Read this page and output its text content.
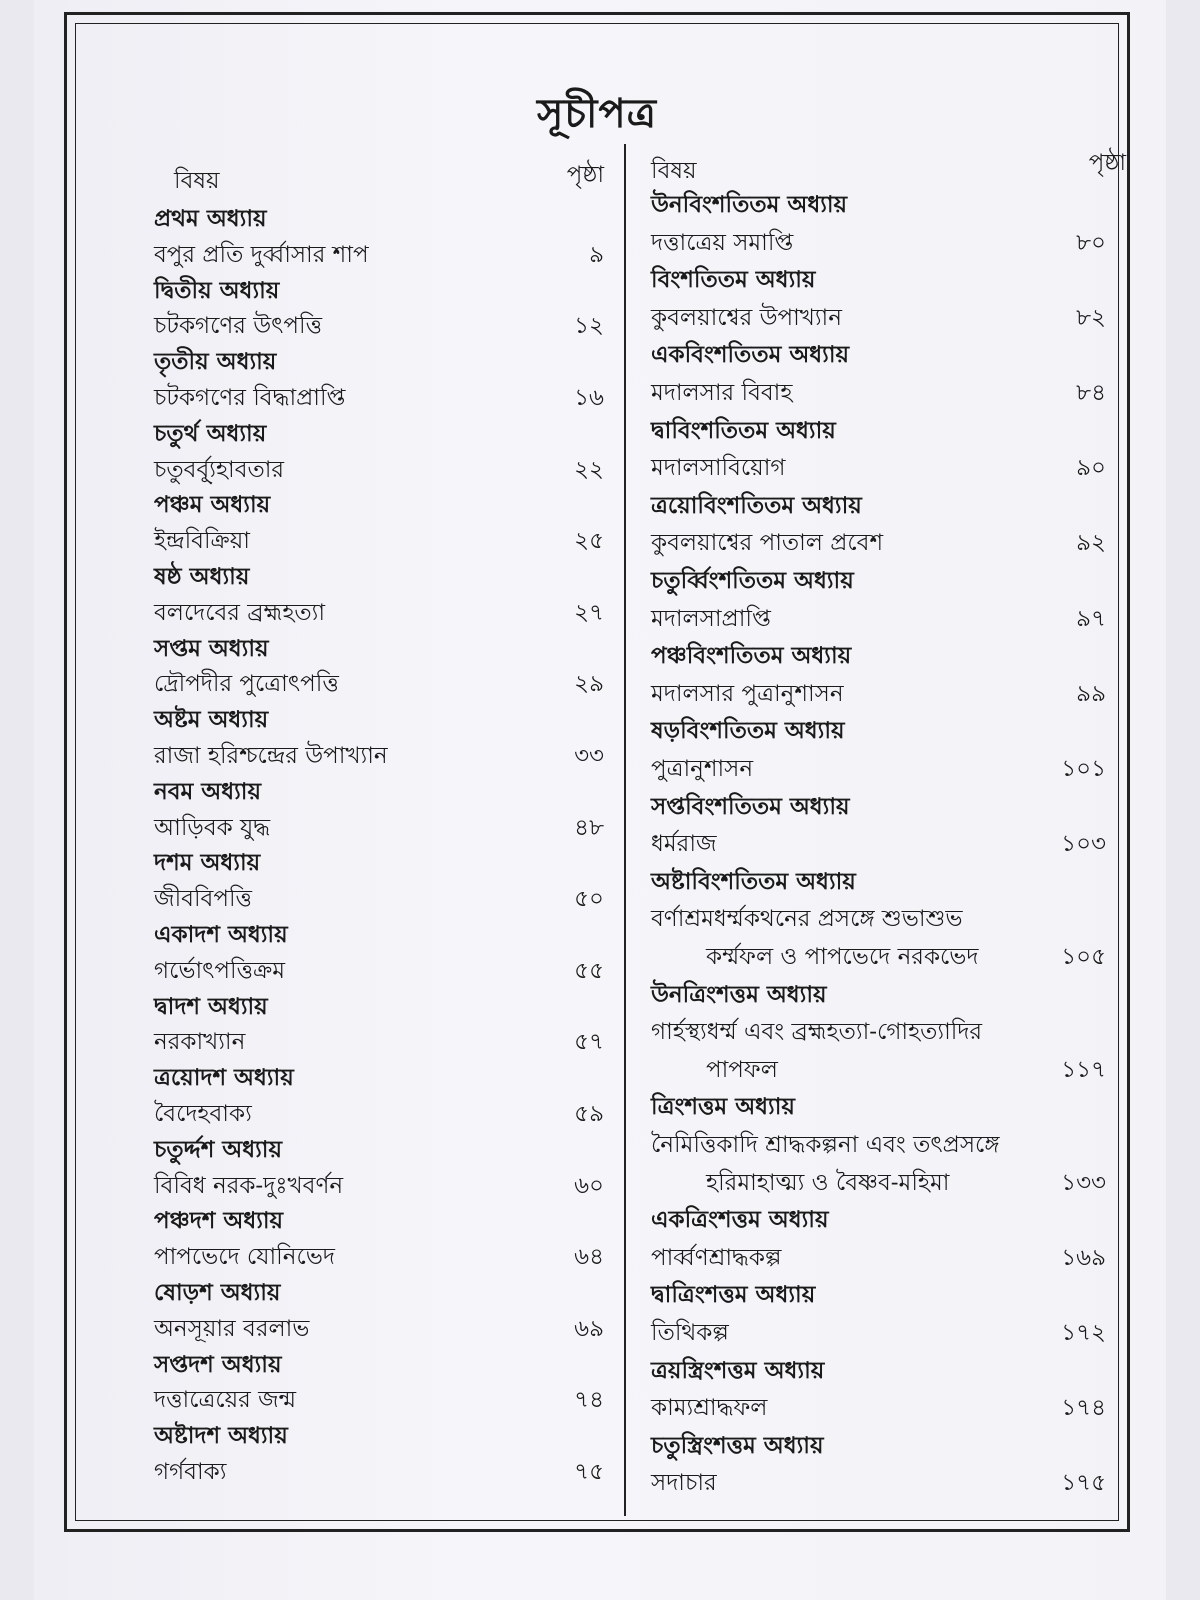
সূচীপত্র
বিষয়	পৃষ্ঠা
প্রথম অধ্যায়
বপুর প্রতি দুর্ব্বাসার শাপ	৯
দ্বিতীয় অধ্যায়
চটকগণের উৎপত্তি	১২
তৃতীয় অধ্যায়
চটকগণের বিদ্ধাপ্রাপ্তি	১৬
চতুর্থ অধ্যায়
চতুর্ব্ব্যূহাবতার	২২
পঞ্চম অধ্যায়
ইন্দ্রবিক্রিয়া	২৫
ষষ্ঠ অধ্যায়
বলদেবের ব্রহ্মহত্যা	২৭
সপ্তম অধ্যায়
দ্রৌপদীর পুত্রোৎপত্তি	২৯
অষ্টম অধ্যায়
রাজা হরিশ্চন্দ্রের উপাখ্যান	৩৩
নবম অধ্যায়
আড়িবক যুদ্ধ	৪৮
দশম অধ্যায়
জীববিপত্তি	৫০
একাদশ অধ্যায়
গর্ভোৎপত্তিক্রম	৫৫
দ্বাদশ অধ্যায়
নরকাখ্যান	৫৭
ত্রয়োদশ অধ্যায়
বৈদেহবাক্য	৫৯
চতুর্দ্দশ অধ্যায়
বিবিধ নরক-দুঃখবর্ণন	৬০
পঞ্চদশ অধ্যায়
পাপভেদে যোনিভেদ	৬৪
ষোড়শ অধ্যায়
অনসূয়ার বরলাভ	৬৯
সপ্তদশ অধ্যায়
দত্তাত্রেয়ের জন্ম	৭৪
অষ্টাদশ অধ্যায়
গর্গবাক্য	৭৫
বিষয়	পৃষ্ঠা
উনবিংশতিতম অধ্যায়
দত্তাত্রেয় সমাপ্তি	৮০
বিংশতিতম অধ্যায়
কুবলয়াশ্বের উপাখ্যান	৮২
একবিংশতিতম অধ্যায়
মদালসার বিবাহ	৮৪
দ্বাবিংশতিতম অধ্যায়
মদালসাবিয়োগ	৯০
ত্রয়োবিংশতিতম অধ্যায়
কুবলয়াশ্বের পাতাল প্রবেশ	৯২
চতুর্ব্বিংশতিতম অধ্যায়
মদালসাপ্রাপ্তি	৯৭
পঞ্চবিংশতিতম অধ্যায়
মদালসার পুত্রানুশাসন	৯৯
ষড়বিংশতিতম অধ্যায়
পুত্রানুশাসন	১০১
সপ্তবিংশতিতম অধ্যায়
ধর্মরাজ	১০৩
অষ্টাবিংশতিতম অধ্যায়
বর্ণাশ্রমধর্ম্মকথনের প্রসঙ্গে শুভাশুভ
কর্ম্মফল ও পাপভেদে নরকভেদ	১০৫
উনত্রিংশত্তম অধ্যায়
গার্হস্থ্যধর্ম্ম এবং ব্রহ্মহত্যা-গোহত্যাদির
পাপফল	১১৭
ত্রিংশত্তম অধ্যায়
নৈমিত্তিকাদি শ্রাদ্ধকল্পনা এবং তৎপ্রসঙ্গে
হরিমাহাত্ম্য ও বৈষ্ণব-মহিমা	১৩৩
একত্রিংশত্তম অধ্যায়
পার্ব্বণশ্রাদ্ধকল্প	১৬৯
দ্বাত্রিংশত্তম অধ্যায়
তিথিকল্প	১৭২
ত্রয়স্ত্রিংশত্তম অধ্যায়
কাম্যশ্রাদ্ধফল	১৭৪
চতুস্ত্রিংশত্তম অধ্যায়
সদাচার	১৭৫
